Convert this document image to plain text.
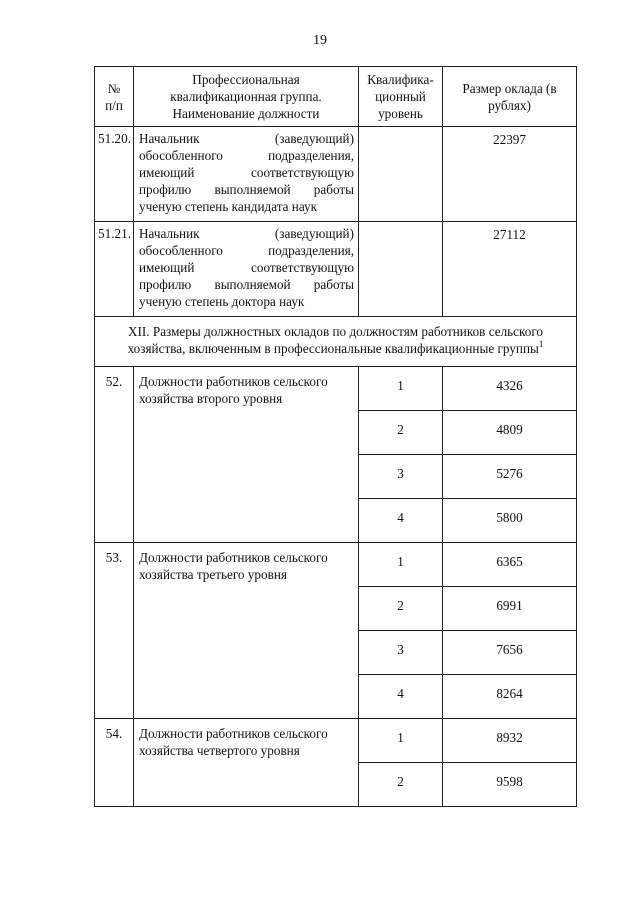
19
№
п/п	Профессиональная квалификационная группа. Наименование должности	Квалифика-ционный уровень	Размер оклада (в рублях)
51.20.	Начальник (заведующий)
обособленного подразделения,
имеющий соответствующую
профилю выполняемой работы
ученую степень кандидата наук		22397
51.21.	Начальник (заведующий)
обособленного подразделения,
имеющий соответствующую
профилю выполняемой работы
ученую степень доктора наук		27112
XII. Размеры должностных окладов по должностям работников сельского хозяйства, включенным в профессиональные квалификационные группы$^1$
52.	Должности работников сельского хозяйства второго уровня	1	4326
		2	4809
		3	5276
		4	5800
53.	Должности работников сельского хозяйства третьего уровня	1	6365
		2	6991
		3	7656
		4	8264
54.	Должности работников сельского хозяйства четвертого уровня	1	8932
		2	9598
